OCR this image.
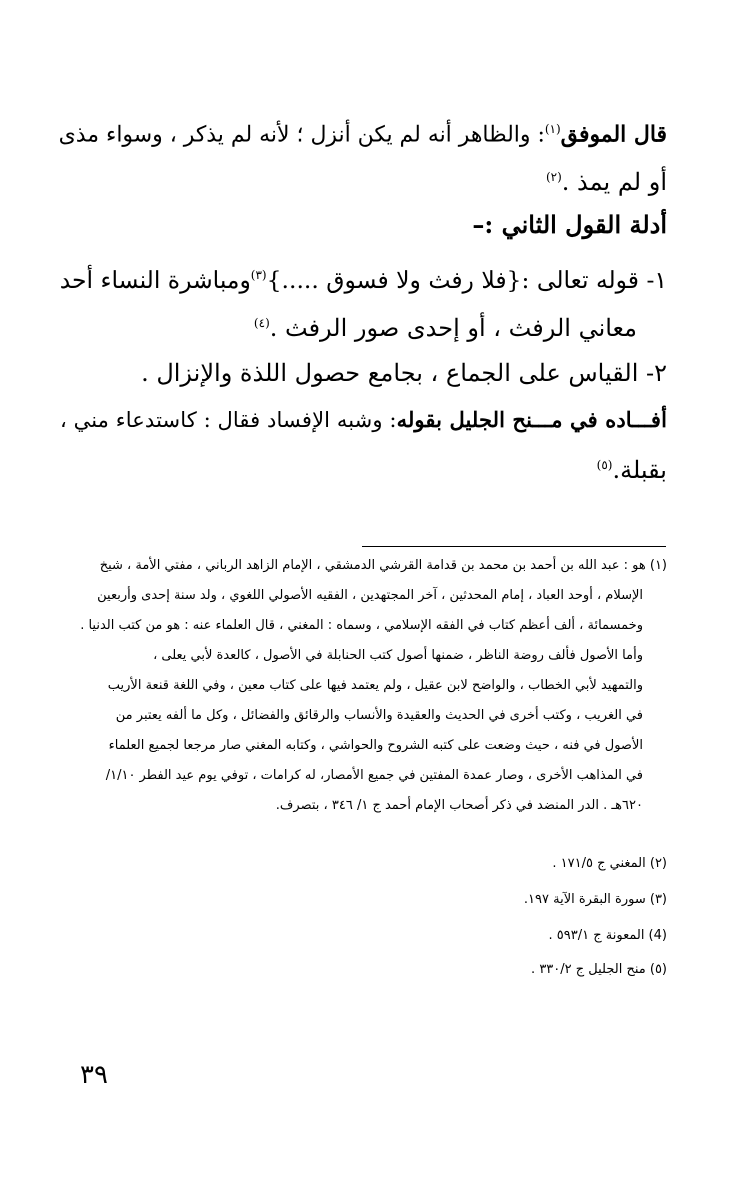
قال الموفق$^{(١)}$: والظاهر أنه لم يكن أنزل ؛ لأنه لم يذكر ، وسواء مذى
أو لم يمذ .$^{(٢)}$
أدلة القول الثاني :–
١- قوله تعالى :{فلا رفث ولا فسوق .....}$^{(٣)}$ومباشرة النساء أحد
معاني الرفث ، أو إحدى صور الرفث .$^{(٤)}$
٢- القياس على الجماع ، بجامع حصول اللذة والإنزال .
أفـــاده في مـــنح الجليل بقوله: وشبه الإفساد فقال : كاستدعاء مني ،
بقبلة.$^{(٥)}$
(١) هو : عبد الله بن أحمد بن محمد بن قدامة القرشي الدمشقي ، الإمام الزاهد الرباني ، مفتي الأمة ، شيخ
الإسلام ، أوحد العباد ، إمام المحدثين ، آخر المجتهدين ، الفقيه الأصولي اللغوي ، ولد سنة إحدى وأربعين
وخمسمائة ، ألف أعظم كتاب في الفقه الإسلامي ، وسماه : المغني ، قال العلماء عنه : هو من كتب الدنيا .
وأما الأصول فألف روضة الناظر ، ضمنها أصول كتب الحنابلة في الأصول ، كالعدة لأبي يعلى ،
والتمهيد لأبي الخطاب ، والواضح لابن عقيل ، ولم يعتمد فيها على كتاب معين ، وفي اللغة قنعة الأريب
في الغريب ، وكتب أخرى في الحديث والعقيدة والأنساب والرقائق والفضائل ، وكل ما ألفه يعتبر من
الأصول في فنه ، حيث وضعت على كتبه الشروح والحواشي ، وكتابه المغني صار مرجعا لجميع العلماء
في المذاهب الأخرى ، وصار عمدة المفتين في جميع الأمصار، له كرامات ، توفي يوم عيد الفطر ١/١٠/
٦٢٠هـ . الدر المنضد في ذكر أصحاب الإمام أحمد ج ١/ ٣٤٦ ، بتصرف.
(٢) المغني ج ١٧١/٥ .
(٣) سورة البقرة الآية ١٩٧.
(4) المعونة ج ٥٩٣/١ .
(٥) منح الجليل ج ٣٣٠/٢ .
٣٩
